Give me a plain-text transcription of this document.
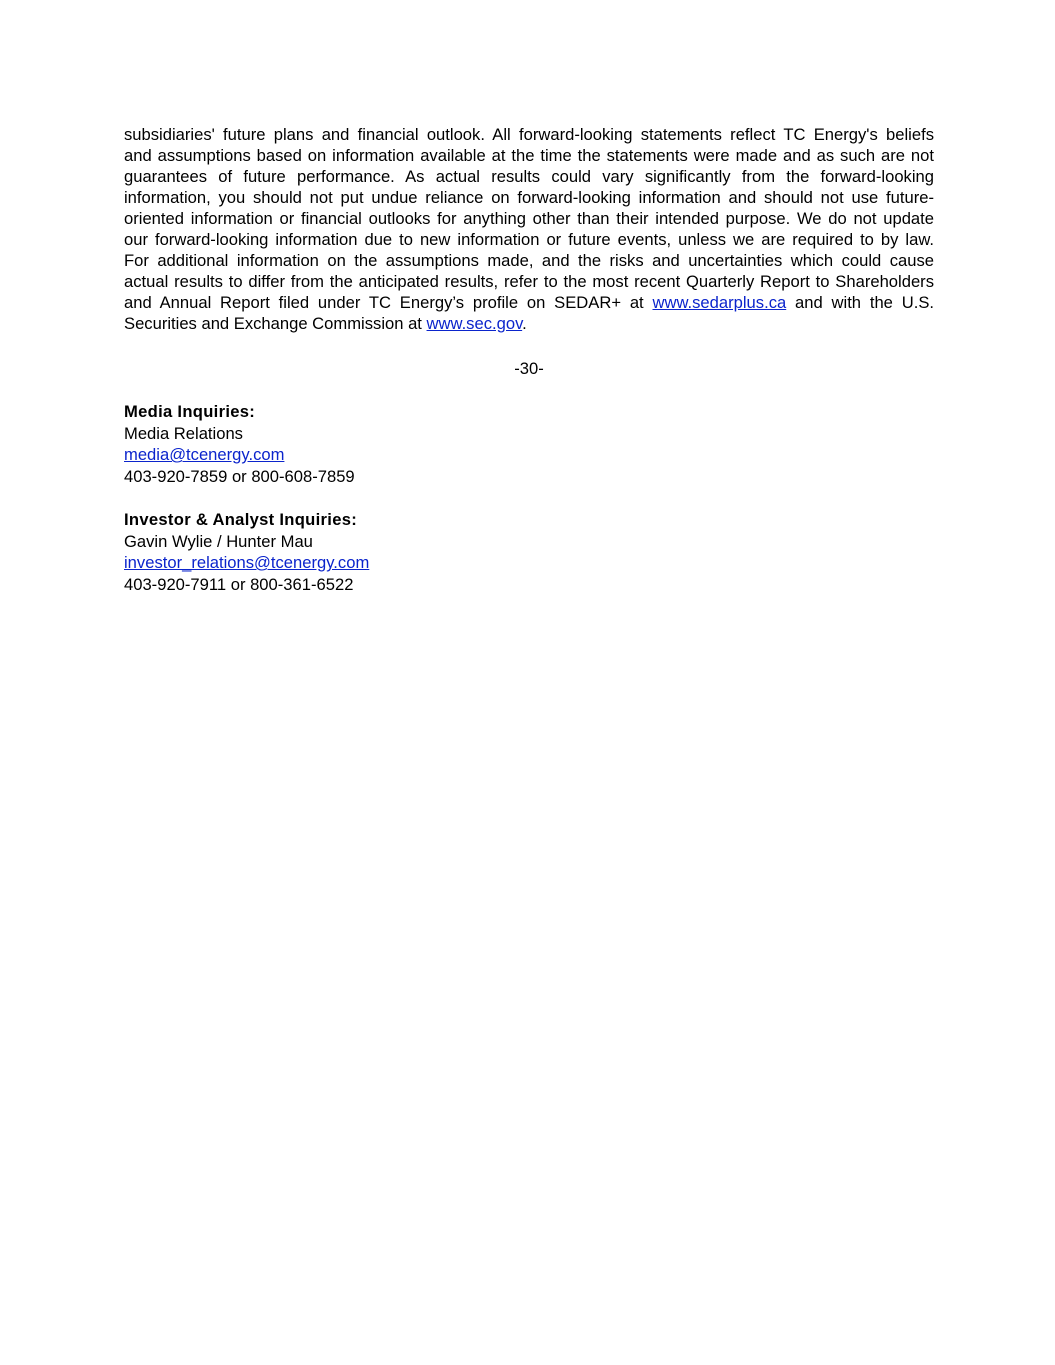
subsidiaries' future plans and financial outlook. All forward-looking statements reflect TC Energy's beliefs
and assumptions based on information available at the time the statements were made and as such are not
guarantees of future performance. As actual results could vary significantly from the forward-looking
information, you should not put undue reliance on forward-looking information and should not use future-
oriented information or financial outlooks for anything other than their intended purpose. We do not update
our forward-looking information due to new information or future events, unless we are required to by law.
For additional information on the assumptions made, and the risks and uncertainties which could cause
actual results to differ from the anticipated results, refer to the most recent Quarterly Report to Shareholders
and Annual Report filed under TC Energy’s profile on SEDAR+ at www.sedarplus.ca and with the U.S.
Securities and Exchange Commission at www.sec.gov.
-30-
Media Inquiries:
Media Relations
media@tcenergy.com
403-920-7859 or 800-608-7859
Investor & Analyst Inquiries:
Gavin Wylie / Hunter Mau
investor_relations@tcenergy.com
403-920-7911 or 800-361-6522
